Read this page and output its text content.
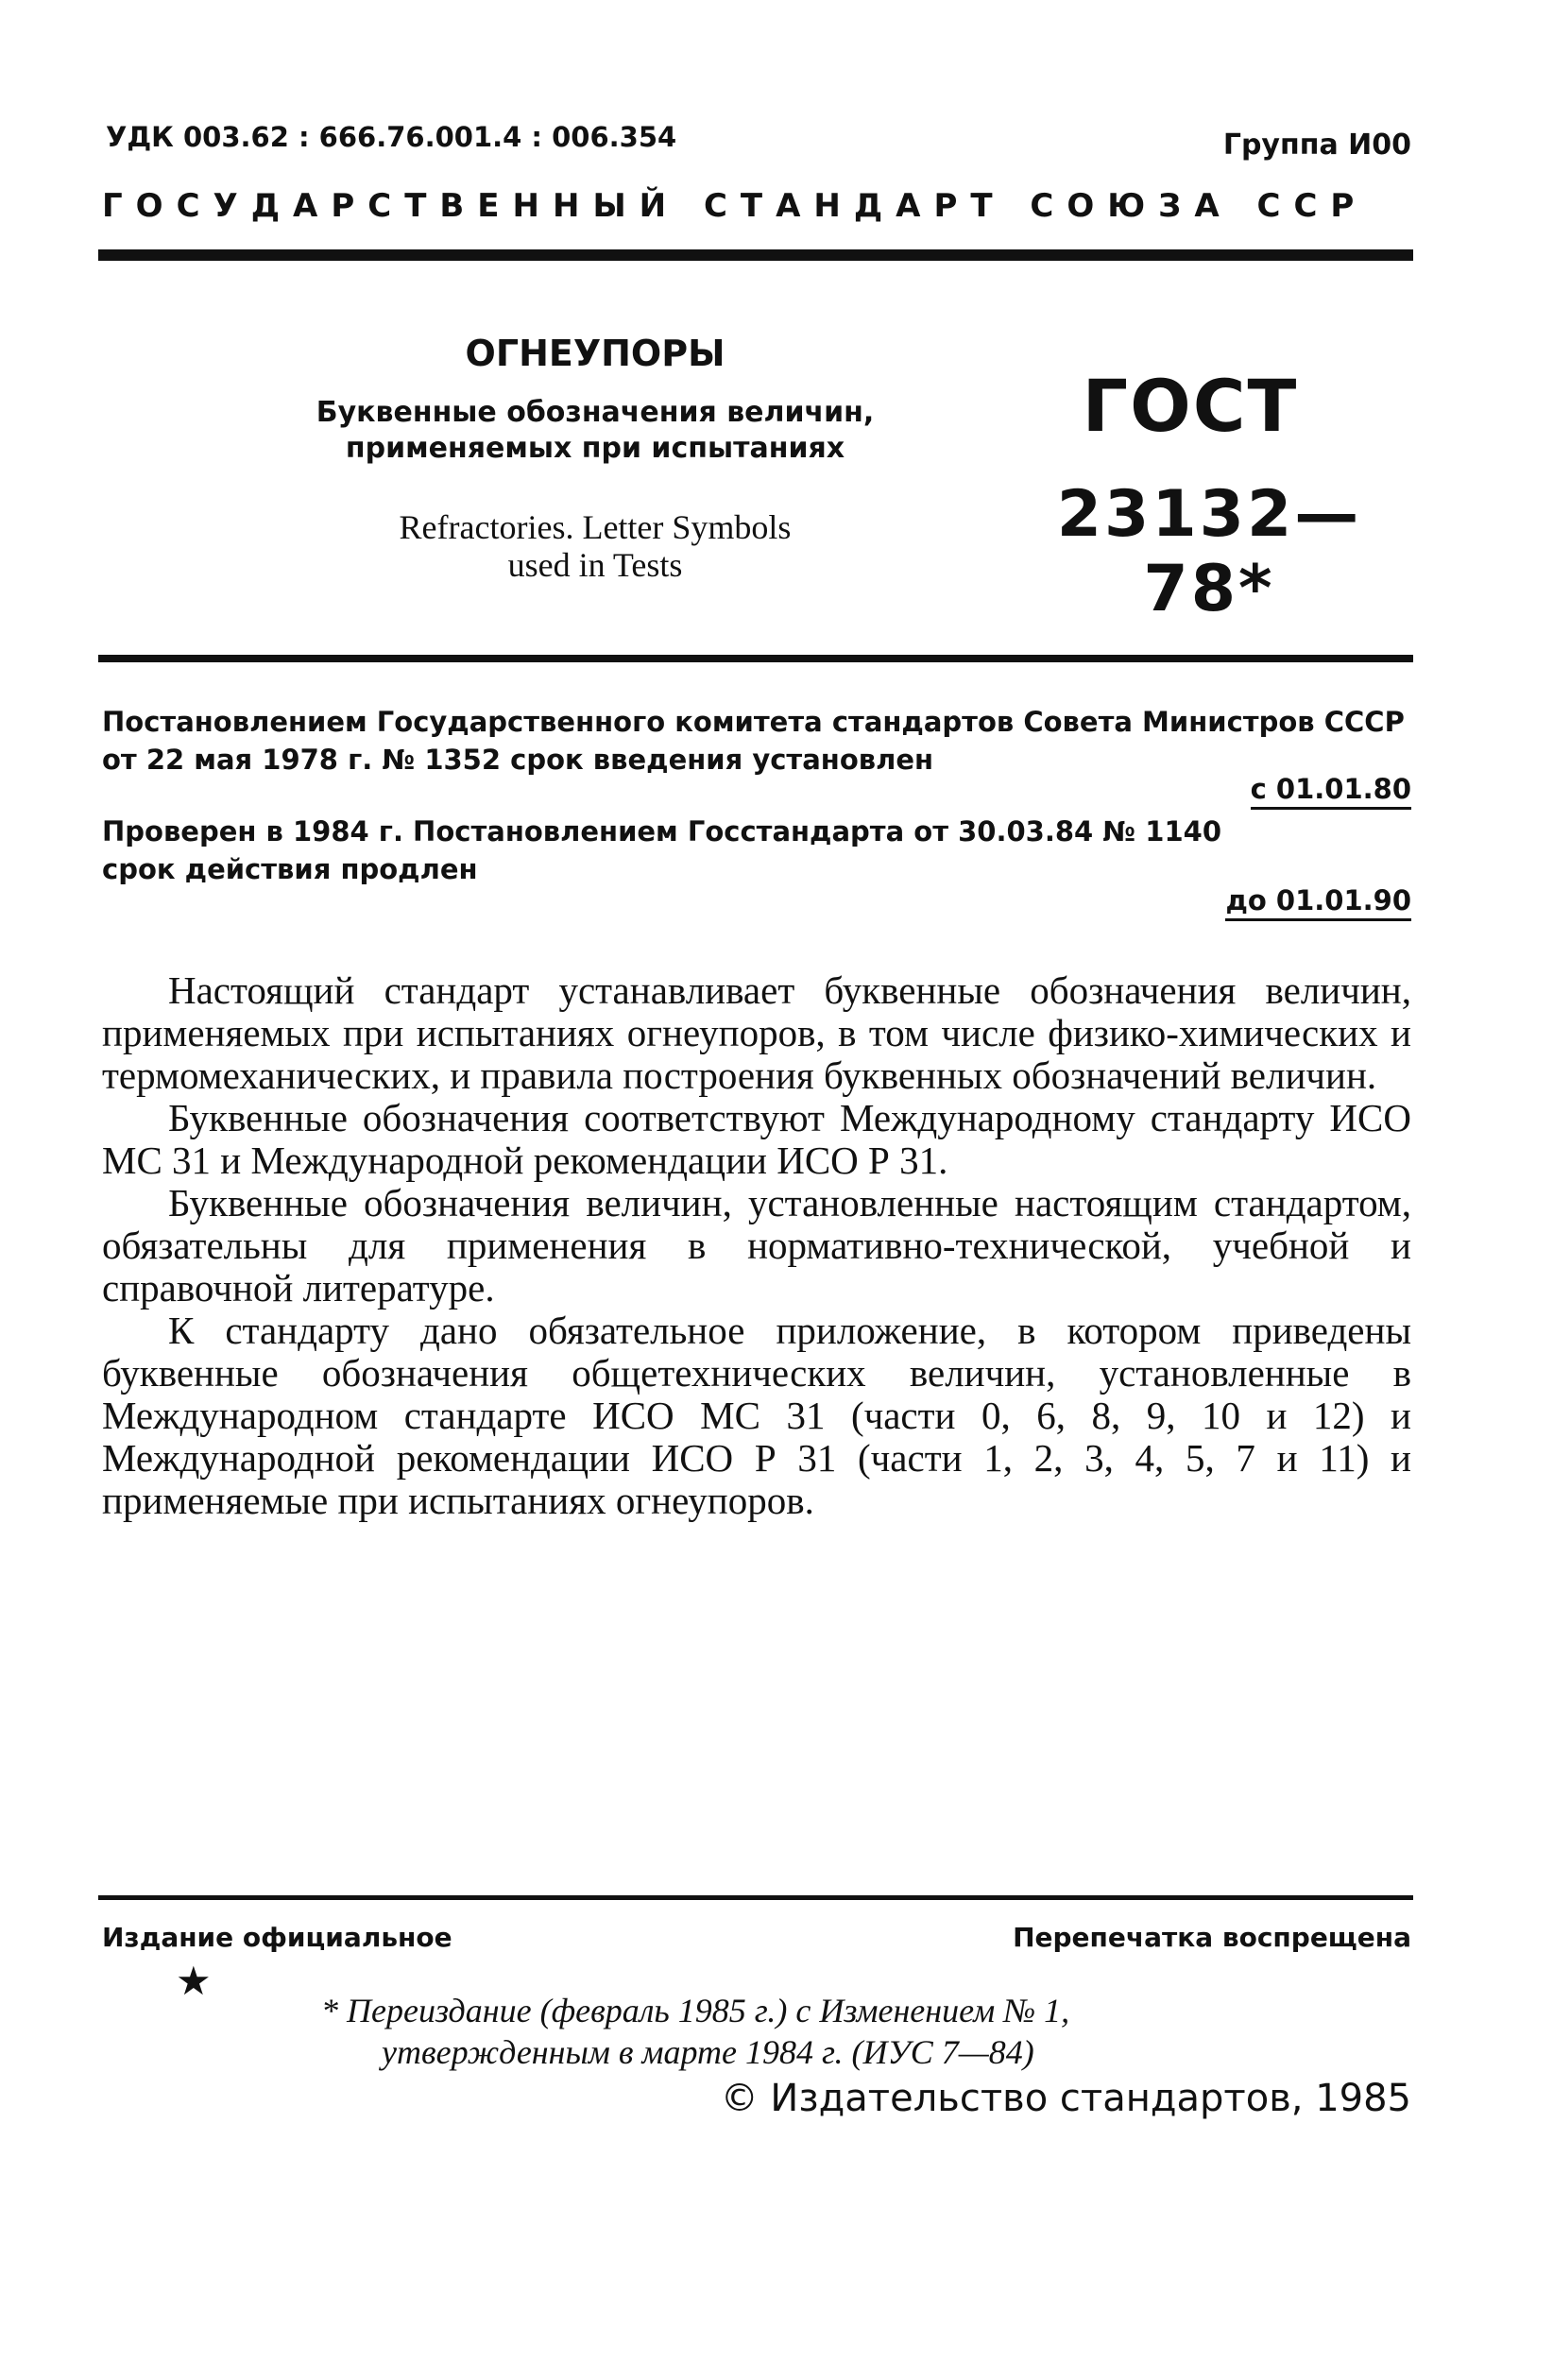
УДК 003.62 : 666.76.001.4 : 006.354	Группа И00
ГОСУДАРСТВЕННЫЙ СТАНДАРТ СОЮЗА ССР
ОГНЕУПОРЫ
Буквенные обозначения величин,
применяемых при испытаниях
Refractories. Letter Symbols
used in Tests
ГОСТ
23132—78*
Постановлением Государственного комитета стандартов Совета Министров СССР
от 22 мая 1978 г. № 1352 срок введения установлен
с 01.01.80
Проверен в 1984 г. Постановлением Госстандарта от 30.03.84 № 1140
срок действия продлен
до 01.01.90

Настоящий стандарт устанавливает буквенные обозначения величин, применяемых при испытаниях огнеупоров, в том числе физико-химических и термомеханических, и правила построения буквенных обозначений величин.

Буквенные обозначения соответствуют Международному стандарту ИСО МС 31 и Международной рекомендации ИСО Р 31.

Буквенные обозначения величин, установленные настоящим стандартом, обязательны для применения в нормативно-технической, учебной и справочной литературе.

К стандарту дано обязательное приложение, в котором приведены буквенные обозначения общетехнических величин, установленные в Международном стандарте ИСО МС 31 (части 0, 6, 8, 9, 10 и 12) и Международной рекомендации ИСО Р 31 (части 1, 2, 3, 4, 5, 7 и 11) и применяемые при испытаниях огнеупоров.

Издание официальное	Перепечатка воспрещена
★
* Переиздание (февраль 1985 г.) с Изменением № 1,
утвержденным в марте 1984 г. (ИУС 7—84)
© Издательство стандартов, 1985
